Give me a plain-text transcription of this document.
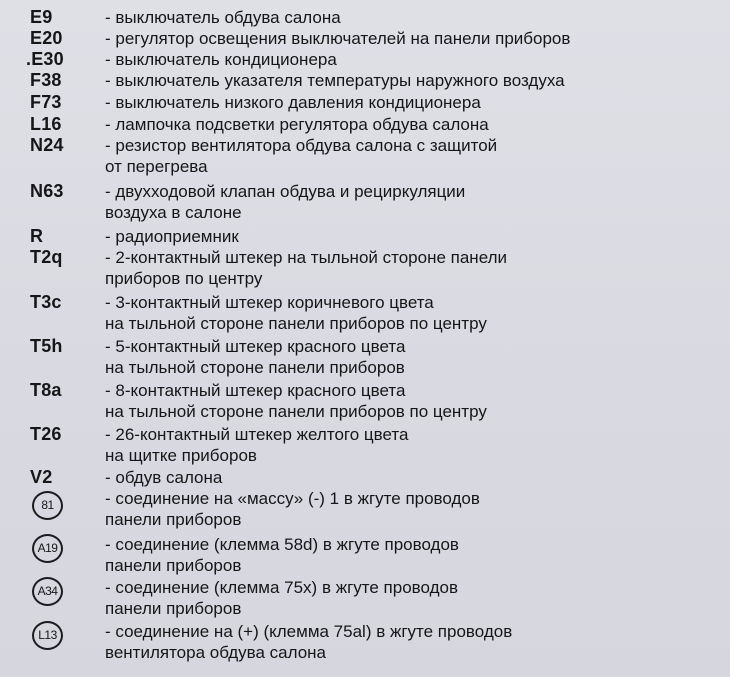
E9	- выключатель обдува салона
E20 - регулятор освещения выключателей на панели приборов
.E30 - выключатель кондиционера
F38	- выключатель указателя температуры наружного воздуха
F73	- выключатель низкого давления кондиционера
L16	- лампочка подсветки регулятора обдува салона
N24 - резистор вентилятора обдува салона с защитой
от перегрева
N63 - двухходовой клапан обдува и рециркуляции
воздуха в салоне
R	- радиоприемник
T2q - 2-контактный штекер на тыльной стороне панели
приборов по центру
T3c	- 3-контактный штекер коричневого цвета
на тыльной стороне панели приборов по центру
T5h - 5-контактный штекер красного цвета
на тыльной стороне панели приборов
T8a	- 8-контактный штекер красного цвета
на тыльной стороне панели приборов по центру
T26	- 26-контактный штекер желтого цвета
на щитке приборов
V2	- обдув салона
81	- соединение на «массу» (-) 1 в жгуте проводов
панели приборов
A19	- соединение (клемма 58d) в жгуте проводов
панели приборов
A34	- соединение (клемма 75х) в жгуте проводов
панели приборов
L13	- соединение на (+) (клемма 75al) в жгуте проводов
вентилятора обдува салона
